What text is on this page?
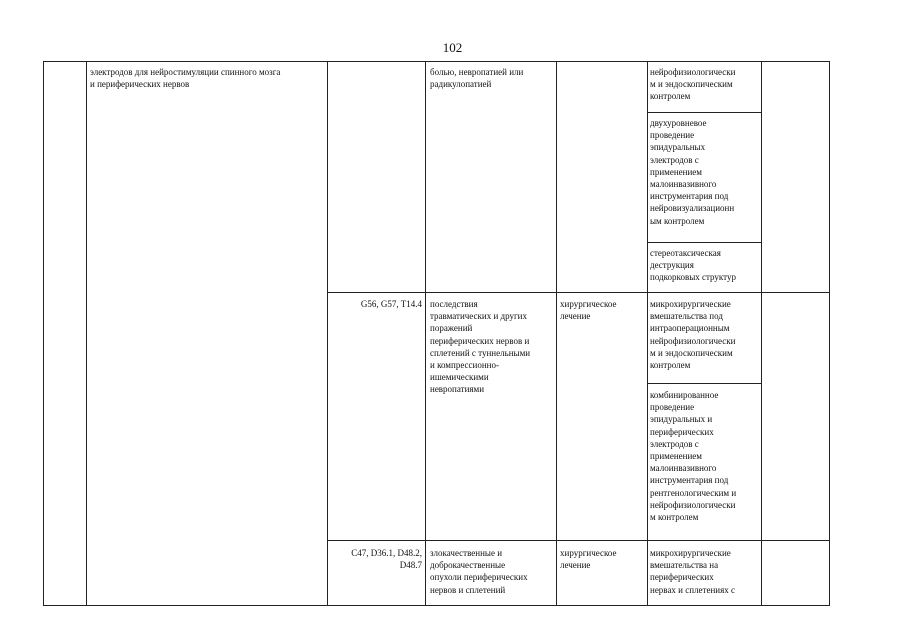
102
электродов для нейростимуляции спинного мозга
и периферических нервов
болью, невропатией или
радикулопатией
нейрофизиологически
м и эндоскопическим
контролем
двухуровневое
проведение
эпидуральных
электродов с
применением
малоинвазивного
инструментария под
нейровизуализационн
ым контролем
стереотаксическая
деструкция
подкорковых структур
G56, G57, T14.4 последствия
травматических и других
поражений
периферических нервов и
сплетений с туннельными
и компрессионно-
ишемическими
невропатиями
хирургическое
лечение
микрохирургические
вмешательства под
интраоперационным
нейрофизиологически
м и эндоскопическим
контролем
комбинированное
проведение
эпидуральных и
периферических
электродов с
применением
малоинвазивного
инструментария под
рентгенологическим и
нейрофизиологически
м контролем
C47, D36.1, D48.2,
D48.7
злокачественные и
доброкачественные
опухоли периферических
нервов и сплетений
хирургическое
лечение
микрохирургические
вмешательства на
периферических
нервах и сплетениях с
